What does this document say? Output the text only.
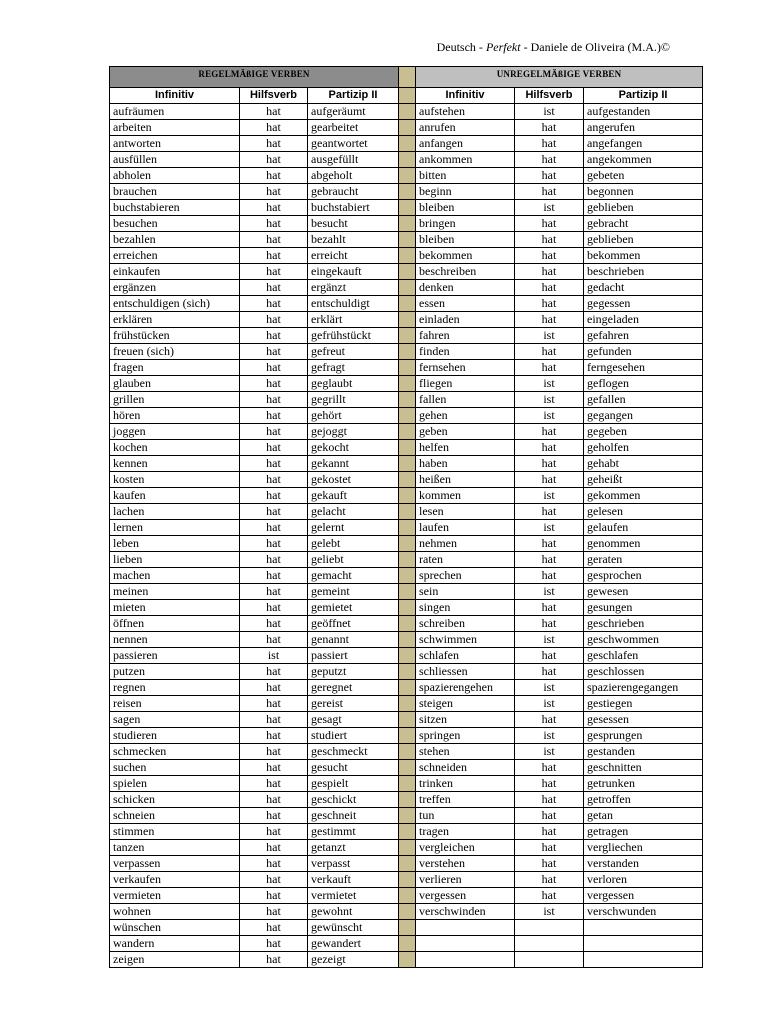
Deutsch - Perfekt - Daniele de Oliveira (M.A.)©
REGELMÄßIGE VERBEN				UNREGELMÄßIGE VERBEN		
Infinitiv	Hilfsverb	Partizip II		Infinitiv	Hilfsverb	Partizip II
aufräumen	hat	aufgeräumt		aufstehen	ist	aufgestanden
arbeiten	hat	gearbeitet		anrufen	hat	angerufen
antworten	hat	geantwortet		anfangen	hat	angefangen
ausfüllen	hat	ausgefüllt		ankommen	hat	angekommen
abholen	hat	abgeholt		bitten	hat	gebeten
brauchen	hat	gebraucht		beginn	hat	begonnen
buchstabieren	hat	buchstabiert		bleiben	ist	geblieben
besuchen	hat	besucht		bringen	hat	gebracht
bezahlen	hat	bezahlt		bleiben	hat	geblieben
erreichen	hat	erreicht		bekommen	hat	bekommen
einkaufen	hat	eingekauft		beschreiben	hat	beschrieben
ergänzen	hat	ergänzt		denken	hat	gedacht
entschuldigen (sich)	hat	entschuldigt		essen	hat	gegessen
erklären	hat	erklärt		einladen	hat	eingeladen
frühstücken	hat	gefrühstückt		fahren	ist	gefahren
freuen (sich)	hat	gefreut		finden	hat	gefunden
fragen	hat	gefragt		fernsehen	hat	ferngesehen
glauben	hat	geglaubt		fliegen	ist	geflogen
grillen	hat	gegrillt		fallen	ist	gefallen
hören	hat	gehört		gehen	ist	gegangen
joggen	hat	gejoggt		geben	hat	gegeben
kochen	hat	gekocht		helfen	hat	geholfen
kennen	hat	gekannt		haben	hat	gehabt
kosten	hat	gekostet		heißen	hat	geheißt
kaufen	hat	gekauft		kommen	ist	gekommen
lachen	hat	gelacht		lesen	hat	gelesen
lernen	hat	gelernt		laufen	ist	gelaufen
leben	hat	gelebt		nehmen	hat	genommen
lieben	hat	geliebt		raten	hat	geraten
machen	hat	gemacht		sprechen	hat	gesprochen
meinen	hat	gemeint		sein	ist	gewesen
mieten	hat	gemietet		singen	hat	gesungen
öffnen	hat	geöffnet		schreiben	hat	geschrieben
nennen	hat	genannt		schwimmen	ist	geschwommen
passieren	ist	passiert		schlafen	hat	geschlafen
putzen	hat	geputzt		schliessen	hat	geschlossen
regnen	hat	geregnet		spazierengehen	ist	spazierengegangen
reisen	hat	gereist		steigen	ist	gestiegen
sagen	hat	gesagt		sitzen	hat	gesessen
studieren	hat	studiert		springen	ist	gesprungen
schmecken	hat	geschmeckt		stehen	ist	gestanden
suchen	hat	gesucht		schneiden	hat	geschnitten
spielen	hat	gespielt		trinken	hat	getrunken
schicken	hat	geschickt		treffen	hat	getroffen
schneien	hat	geschneit		tun	hat	getan
stimmen	hat	gestimmt		tragen	hat	getragen
tanzen	hat	getanzt		vergleichen	hat	vergliechen
verpassen	hat	verpasst		verstehen	hat	verstanden
verkaufen	hat	verkauft		verlieren	hat	verloren
vermieten	hat	vermietet		vergessen	hat	vergessen
wohnen	hat	gewohnt		verschwinden	ist	verschwunden
wünschen	hat	gewünscht				
wandern	hat	gewandert				
zeigen	hat	gezeigt				
